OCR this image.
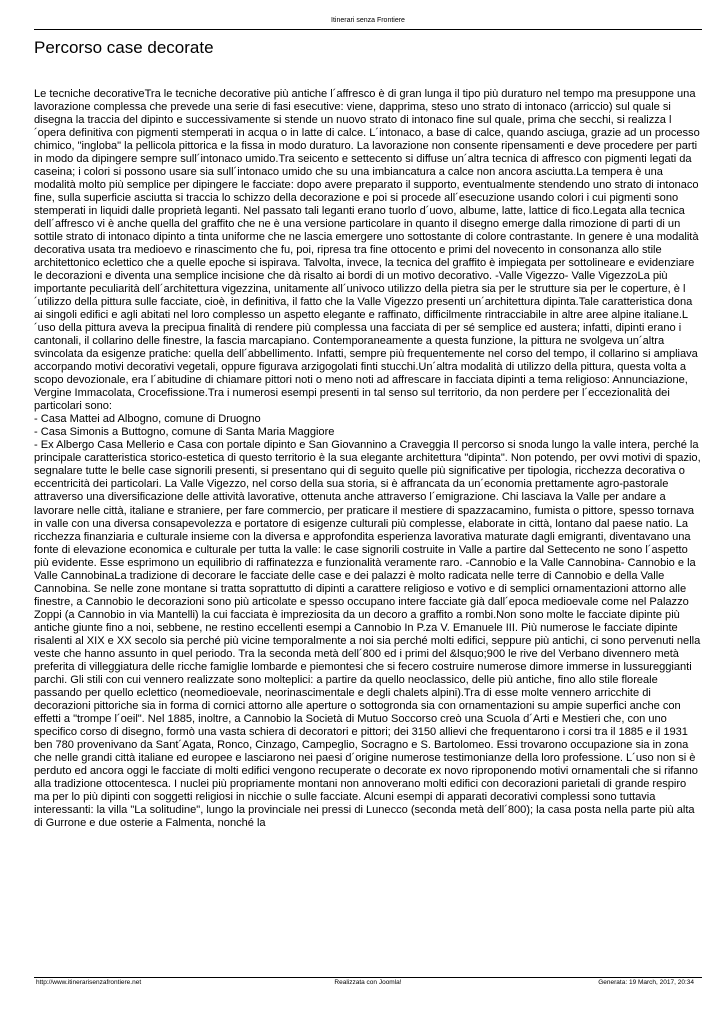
Itinerari senza Frontiere
Percorso case decorate

Le tecniche decorativeTra le tecniche decorative più antiche l´affresco è di gran lunga il tipo più duraturo nel tempo ma presuppone una lavorazione complessa che prevede una serie di fasi esecutive: viene, dapprima, steso uno strato di intonaco (arriccio) sul quale si disegna la traccia del dipinto e successivamente si stende un nuovo strato di intonaco fine sul quale, prima che secchi, si realizza l´opera definitiva con pigmenti stemperati in acqua o in latte di calce. L´intonaco, a base di calce, quando asciuga, grazie ad un processo chimico, "ingloba" la pellicola pittorica e la fissa in modo duraturo. La lavorazione non consente ripensamenti e deve procedere per parti in modo da dipingere sempre sull´intonaco umido.Tra seicento e settecento si diffuse un´altra tecnica di affresco con pigmenti legati da caseina; i colori si possono usare sia sull´intonaco umido che su una imbiancatura a calce non ancora asciutta.La tempera è una modalità molto più semplice per dipingere le facciate: dopo avere preparato il supporto, eventualmente stendendo uno strato di intonaco fine, sulla superficie asciutta si traccia lo schizzo della decorazione e poi si procede all´esecuzione usando colori i cui pigmenti sono stemperati in liquidi dalle proprietà leganti. Nel passato tali leganti erano tuorlo d´uovo, albume, latte, lattice di fico.Legata alla tecnica dell´affresco vi è anche quella del graffito che ne è una versione particolare in quanto il disegno emerge dalla rimozione di parti di un sottile strato di intonaco dipinto a tinta uniforme che ne lascia emergere uno sottostante di colore contrastante. In genere è una modalità decorativa usata tra medioevo e rinascimento che fu, poi, ripresa tra fine ottocento e primi del novecento in consonanza allo stile architettonico eclettico che a quelle epoche si ispirava. Talvolta, invece, la tecnica del graffito è impiegata per sottolineare e evidenziare le decorazioni e diventa una semplice incisione che dà risalto ai bordi di un motivo decorativo. -Valle Vigezzo- Valle VigezzoLa più importante peculiarità dell´architettura vigezzina, unitamente all´univoco utilizzo della pietra sia per le strutture sia per le coperture, è l´utilizzo della pittura sulle facciate, cioè, in definitiva, il fatto che la Valle Vigezzo presenti un´architettura dipinta.Tale caratteristica dona ai singoli edifici e agli abitati nel loro complesso un aspetto elegante e raffinato, difficilmente rintracciabile in altre aree alpine italiane.L´uso della pittura aveva la precipua finalità di rendere più complessa una facciata di per sé semplice ed austera; infatti, dipinti erano i cantonali, il collarino delle finestre, la fascia marcapiano. Contemporaneamente a questa funzione, la pittura ne svolgeva un´altra svincolata da esigenze pratiche: quella dell´abbellimento. Infatti, sempre più frequentemente nel corso del tempo, il collarino si ampliava accorpando motivi decorativi vegetali, oppure figurava arzigogolati finti stucchi.Un´altra modalità di utilizzo della pittura, questa volta a scopo devozionale, era l´abitudine di chiamare pittori noti o meno noti ad affrescare in facciata dipinti a tema religioso: Annunciazione, Vergine Immacolata, Crocefissione.Tra i numerosi esempi presenti in tal senso sul territorio, da non perdere per l´eccezionalità dei particolari sono:

- Casa Mattei ad Albogno, comune di Druogno

- Casa Simonis a Buttogno, comune di Santa Maria Maggiore

- Ex Albergo Casa Mellerio e Casa con portale dipinto e San Giovannino a Craveggia Il percorso si snoda lungo la valle intera, perché la principale caratteristica storico-estetica di questo territorio è la sua elegante architettura "dipinta". Non potendo, per ovvi motivi di spazio, segnalare tutte le belle case signorili presenti, si presentano qui di seguito quelle più significative per tipologia, ricchezza decorativa o eccentricità dei particolari. La Valle Vigezzo, nel corso della sua storia, si è affrancata da un´economia prettamente agro-pastorale attraverso una diversificazione delle attività lavorative, ottenuta anche attraverso l´emigrazione. Chi lasciava la Valle per andare a lavorare nelle città, italiane e straniere, per fare commercio, per praticare il mestiere di spazzacamino, fumista o pittore, spesso tornava in valle con una diversa consapevolezza e portatore di esigenze culturali più complesse, elaborate in città, lontano dal paese natio. La ricchezza finanziaria e culturale insieme con la diversa e approfondita esperienza lavorativa maturate dagli emigranti, diventavano una fonte di elevazione economica e culturale per tutta la valle: le case signorili costruite in Valle a partire dal Settecento ne sono l´aspetto più evidente. Esse esprimono un equilibrio di raffinatezza e funzionalità veramente raro. -Cannobio e la Valle Cannobina- Cannobio e la Valle CannobinaLa tradizione di decorare le facciate delle case e dei palazzi è molto radicata nelle terre di Cannobio e della Valle Cannobina. Se nelle zone montane si tratta soprattutto di dipinti a carattere religioso e votivo e di semplici ornamentazioni attorno alle finestre, a Cannobio le decorazioni sono più articolate e spesso occupano intere facciate già dall´epoca medioevale come nel Palazzo Zoppi (a Cannobio in via Mantelli) la cui facciata è impreziosita da un decoro a graffito a rombi.Non sono molte le facciate dipinte più antiche giunte fino a noi, sebbene, ne restino eccellenti esempi a Cannobio In P.za V. Emanuele III. Più numerose le facciate dipinte risalenti al XIX e XX secolo sia perché più vicine temporalmente a noi sia perché molti edifici, seppure più antichi, ci sono pervenuti nella veste che hanno assunto in quel periodo. Tra la seconda metà dell´800 ed i primi del &lsquo;900 le rive del Verbano divennero metà preferita di villeggiatura delle ricche famiglie lombarde e piemontesi che si fecero costruire numerose dimore immerse in lussureggianti parchi. Gli stili con cui vennero realizzate sono molteplici: a partire da quello neoclassico, delle più antiche, fino allo stile floreale passando per quello eclettico (neomedioevale, neorinascimentale e degli chalets alpini).Tra di esse molte vennero arricchite di decorazioni pittoriche sia in forma di cornici attorno alle aperture o sottogronda sia con ornamentazioni su ampie superfici anche con effetti a "trompe l´oeil". Nel 1885, inoltre, a Cannobio la Società di Mutuo Soccorso creò una Scuola d´Arti e Mestieri che, con uno specifico corso di disegno, formò una vasta schiera di decoratori e pittori; dei 3150 allievi che frequentarono i corsi tra il 1885 e il 1931 ben 780 provenivano da Sant´Agata, Ronco, Cinzago, Campeglio, Socragno e S. Bartolomeo. Essi trovarono occupazione sia in zona che nelle grandi città italiane ed europee e lasciarono nei paesi d´origine numerose testimonianze della loro professione. L´uso non si è perduto ed ancora oggi le facciate di molti edifici vengono recuperate o decorate ex novo riproponendo motivi ornamentali che si rifanno alla tradizione ottocentesca. I nuclei più propriamente montani non annoverano molti edifici con decorazioni parietali di grande respiro ma per lo più dipinti con soggetti religiosi in nicchie o sulle facciate. Alcuni esempi di apparati decorativi complessi sono tuttavia interessanti: la villa "La solitudine", lungo la provinciale nei pressi di Lunecco (seconda metà dell´800); la casa posta nella parte più alta di Gurrone e due osterie a Falmenta, nonché la

Realizzata con Joomla!
http://www.itinerarisenzafrontiere.net	Generata: 19 March, 2017, 20:34
